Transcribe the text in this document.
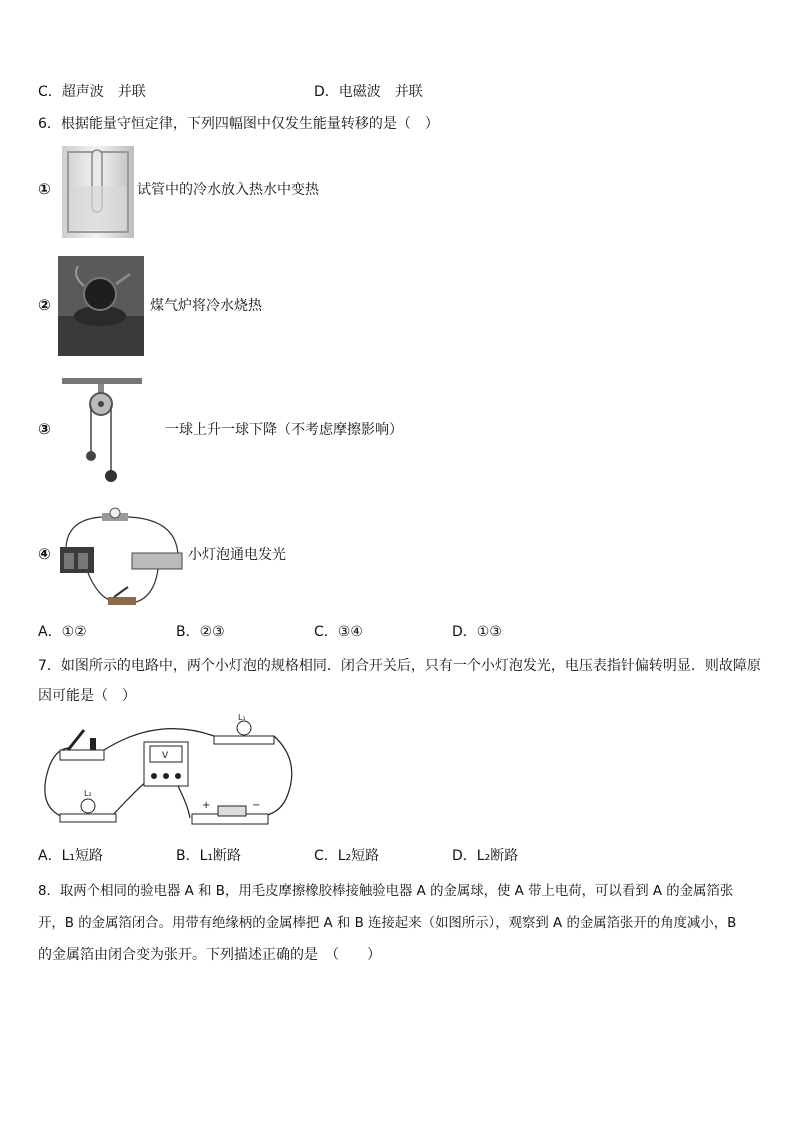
C．超声波　并联	D．电磁波　并联
6．根据能量守恒定律，下列四幅图中仅发生能量转移的是（　）
①	试管中的冷水放入热水中变热
②	煤气炉将冷水烧热
③	一球上升一球下降（不考虑摩擦影响）
④	小灯泡通电发光
A．①②	B．②③	C．③④	D．①③
7．如图所示的电路中，两个小灯泡的规格相同．闭合开关后，只有一个小灯泡发光，电压表指针偏转明显．则故障原
因可能是（　）
L₁
V
L₂
+	−
A．L₁短路	B．L₁断路	C．L₂短路	D．L₂断路
8．取两个相同的验电器 A 和 B，用毛皮摩擦橡胶棒接触验电器 A 的金属球，使 A 带上电荷，可以看到 A 的金属箔张
开，B 的金属箔闭合。用带有绝缘柄的金属棒把 A 和 B 连接起来（如图所示），观察到 A 的金属箔张开的角度减小，B
的金属箔由闭合变为张开。下列描述正确的是　（　　）
